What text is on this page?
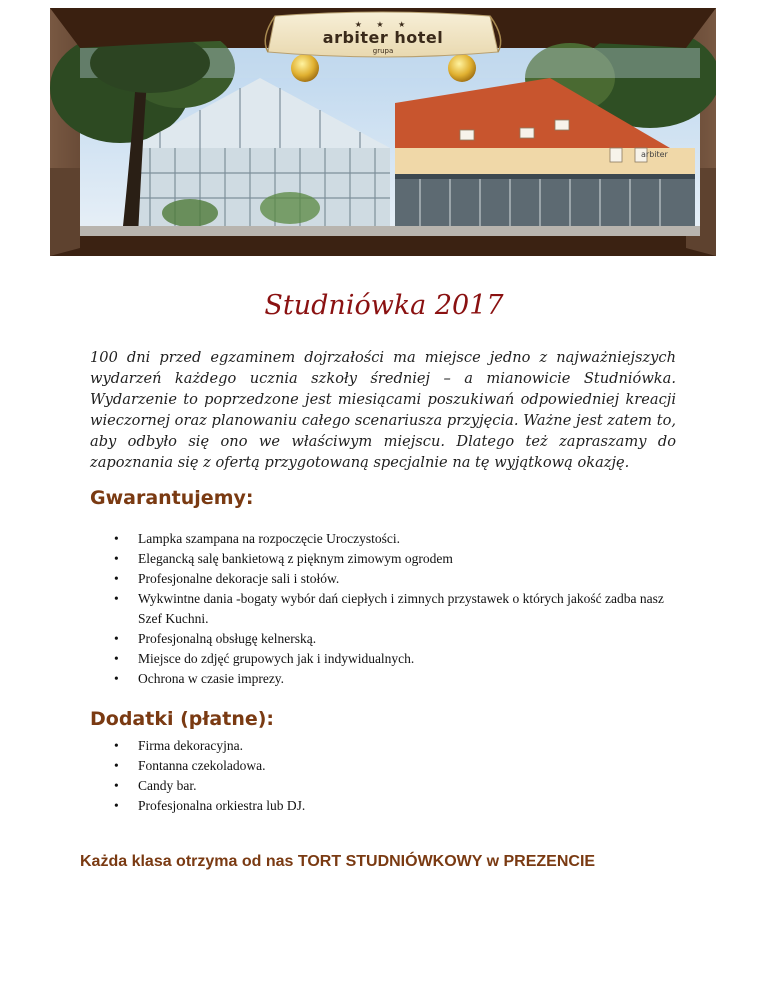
★ ★ ★
arbiter hotel
grupa
arbiter
Studniówka 2017

100 dni przed egzaminem dojrzałości ma miejsce jedno z najważniejszych wydarzeń każdego ucznia szkoły średniej – a mianowicie Studniówka. Wydarzenie to poprzedzone jest miesiącami poszukiwań odpowiedniej kreacji wieczornej oraz planowaniu całego scenariusza przyjęcia. Ważne jest zatem to, aby odbyło się ono we właściwym miejscu. Dlatego też zapraszamy do zapoznania się z ofertą przygotowaną specjalnie na tę wyjątkową okazję.

Gwarantujemy:
• Lampka szampana na rozpoczęcie Uroczystości.
• Elegancką salę bankietową z pięknym zimowym ogrodem
• Profesjonalne dekoracje sali i stołów.
• Wykwintne dania -bogaty wybór dań ciepłych i zimnych przystawek o których jakość zadba nasz Szef Kuchni.
• Profesjonalną obsługę kelnerską.
• Miejsce do zdjęć grupowych jak i indywidualnych.
• Ochrona w czasie imprezy.
Dodatki (płatne):
• Firma dekoracyjna.
• Fontanna czekoladowa.
• Candy bar.
• Profesjonalna orkiestra lub DJ.
Każda klasa otrzyma od nas TORT STUDNIÓWKOWY w PREZENCIE
